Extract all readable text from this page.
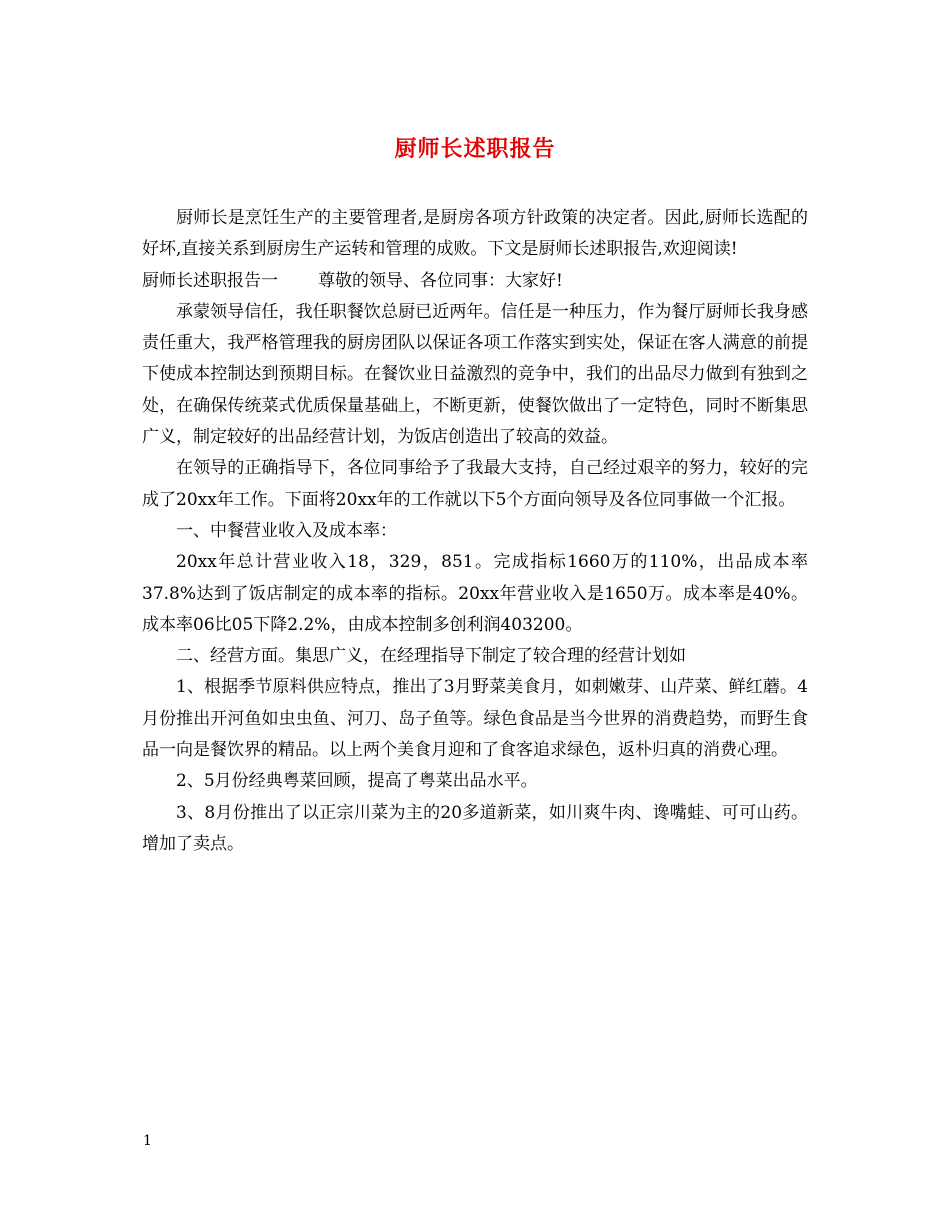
厨师长述职报告

厨师长是烹饪生产的主要管理者,是厨房各项方针政策的决定者。因此,厨师长选配的好坏,直接关系到厨房生产运转和管理的成败。下文是厨师长述职报告,欢迎阅读!

厨师长述职报告一 尊敬的领导、各位同事：大家好!

承蒙领导信任，我任职餐饮总厨已近两年。信任是一种压力，作为餐厅厨师长我身感责任重大，我严格管理我的厨房团队以保证各项工作落实到实处，保证在客人满意的前提下使成本控制达到预期目标。在餐饮业日益激烈的竞争中，我们的出品尽力做到有独到之处，在确保传统菜式优质保量基础上，不断更新，使餐饮做出了一定特色，同时不断集思广义，制定较好的出品经营计划，为饭店创造出了较高的效益。

在领导的正确指导下，各位同事给予了我最大支持，自己经过艰辛的努力，较好的完成了20xx年工作。下面将20xx年的工作就以下5个方面向领导及各位同事做一个汇报。

一、中餐营业收入及成本率：

20xx年总计营业收入18，329，851。完成指标1660万的110%，出品成本率37.8%达到了饭店制定的成本率的指标。20xx年营业收入是1650万。成本率是40%。成本率06比05下降2.2%，由成本控制多创利润403200。

二、经营方面。集思广义，在经理指导下制定了较合理的经营计划如

1、根据季节原料供应特点，推出了3月野菜美食月，如刺嫩芽、山芹菜、鲜红蘑。4月份推出开河鱼如虫虫鱼、河刀、岛子鱼等。绿色食品是当今世界的消费趋势，而野生食品一向是餐饮界的精品。以上两个美食月迎和了食客追求绿色，返朴归真的消费心理。

2、5月份经典粤菜回顾，提高了粤菜出品水平。

3、8月份推出了以正宗川菜为主的20多道新菜，如川爽牛肉、谗嘴蛙、可可山药。增加了卖点。

1
